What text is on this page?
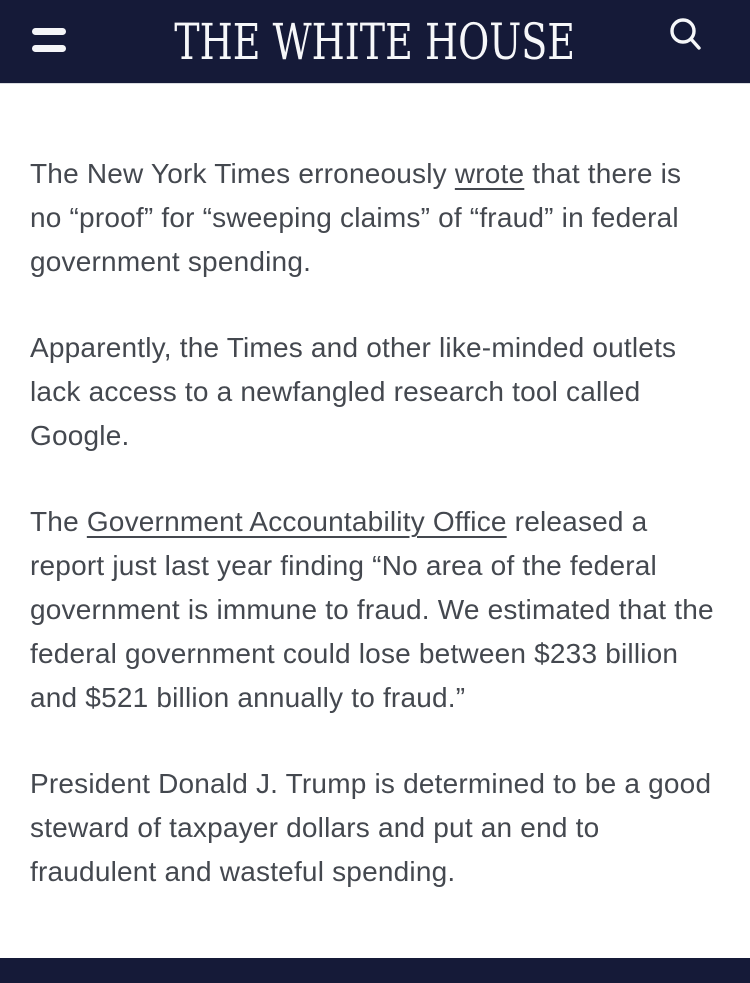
THE WHITE HOUSE

The New York Times erroneously wrote that there is no “proof” for “sweeping claims” of “fraud” in federal government spending.

Apparently, the Times and other like-minded outlets lack access to a newfangled research tool called Google.

The Government Accountability Office released a report just last year finding “No area of the federal government is immune to fraud. We estimated that the federal government could lose between $233 billion and $521 billion annually to fraud.”

President Donald J. Trump is determined to be a good steward of taxpayer dollars and put an end to fraudulent and wasteful spending.
